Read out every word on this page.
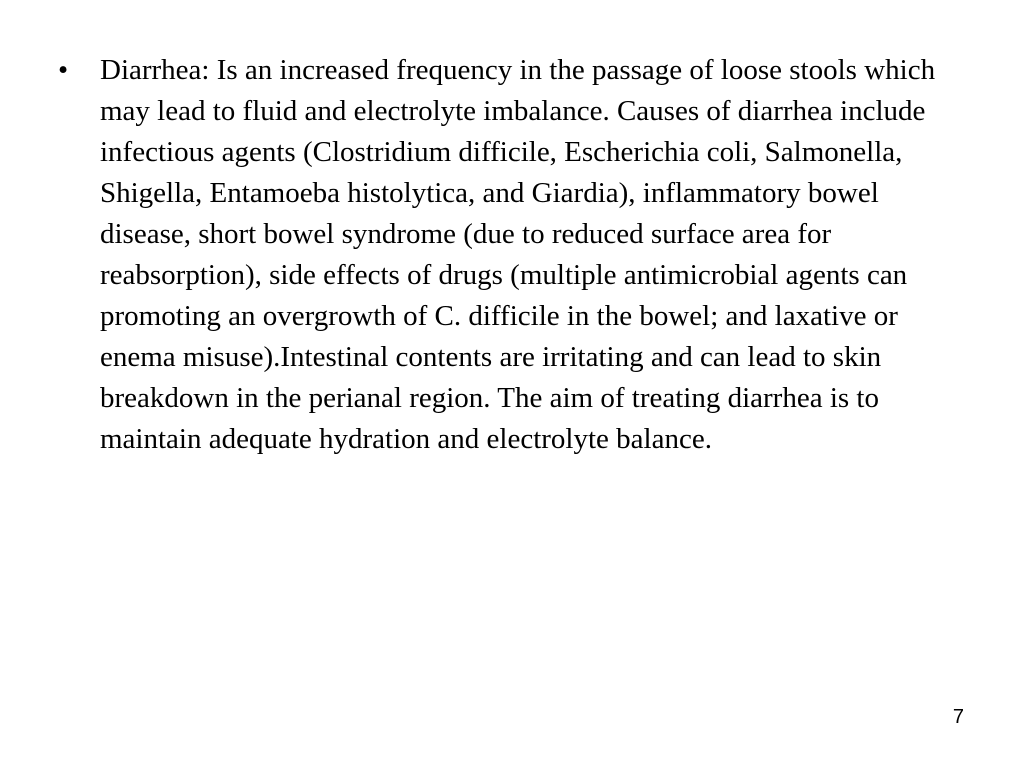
• Diarrhea: Is an increased frequency in the passage of loose stools which may lead to fluid and electrolyte imbalance. Causes of diarrhea include infectious agents (Clostridium difficile, Escherichia coli, Salmonella, Shigella, Entamoeba histolytica, and Giardia), inflammatory bowel disease, short bowel syndrome (due to reduced surface area for reabsorption), side effects of drugs (multiple antimicrobial agents can promoting an overgrowth of C. difficile in the bowel; and laxative or enema misuse).Intestinal contents are irritating and can lead to skin breakdown in the perianal region. The aim of treating diarrhea is to maintain adequate hydration and electrolyte balance.
7
